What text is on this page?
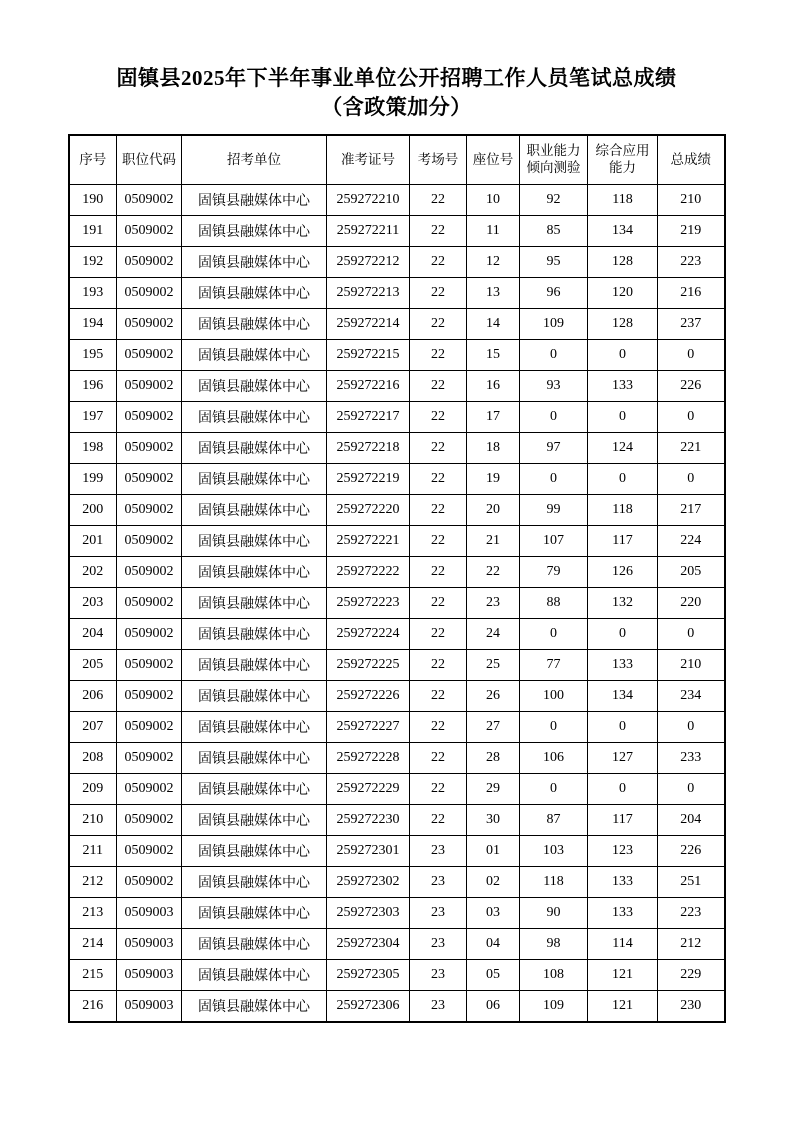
固镇县2025年下半年事业单位公开招聘工作人员笔试总成绩
（含政策加分）
序号	职位代码	招考单位	准考证号	考场号	座位号	职业能力倾向测验	综合应用能力	总成绩
190	0509002	固镇县融媒体中心	259272210	22	10	92	118	210
191	0509002	固镇县融媒体中心	259272211	22	11	85	134	219
192	0509002	固镇县融媒体中心	259272212	22	12	95	128	223
193	0509002	固镇县融媒体中心	259272213	22	13	96	120	216
194	0509002	固镇县融媒体中心	259272214	22	14	109	128	237
195	0509002	固镇县融媒体中心	259272215	22	15	0	0	0
196	0509002	固镇县融媒体中心	259272216	22	16	93	133	226
197	0509002	固镇县融媒体中心	259272217	22	17	0	0	0
198	0509002	固镇县融媒体中心	259272218	22	18	97	124	221
199	0509002	固镇县融媒体中心	259272219	22	19	0	0	0
200	0509002	固镇县融媒体中心	259272220	22	20	99	118	217
201	0509002	固镇县融媒体中心	259272221	22	21	107	117	224
202	0509002	固镇县融媒体中心	259272222	22	22	79	126	205
203	0509002	固镇县融媒体中心	259272223	22	23	88	132	220
204	0509002	固镇县融媒体中心	259272224	22	24	0	0	0
205	0509002	固镇县融媒体中心	259272225	22	25	77	133	210
206	0509002	固镇县融媒体中心	259272226	22	26	100	134	234
207	0509002	固镇县融媒体中心	259272227	22	27	0	0	0
208	0509002	固镇县融媒体中心	259272228	22	28	106	127	233
209	0509002	固镇县融媒体中心	259272229	22	29	0	0	0
210	0509002	固镇县融媒体中心	259272230	22	30	87	117	204
211	0509002	固镇县融媒体中心	259272301	23	01	103	123	226
212	0509002	固镇县融媒体中心	259272302	23	02	118	133	251
213	0509003	固镇县融媒体中心	259272303	23	03	90	133	223
214	0509003	固镇县融媒体中心	259272304	23	04	98	114	212
215	0509003	固镇县融媒体中心	259272305	23	05	108	121	229
216	0509003	固镇县融媒体中心	259272306	23	06	109	121	230
